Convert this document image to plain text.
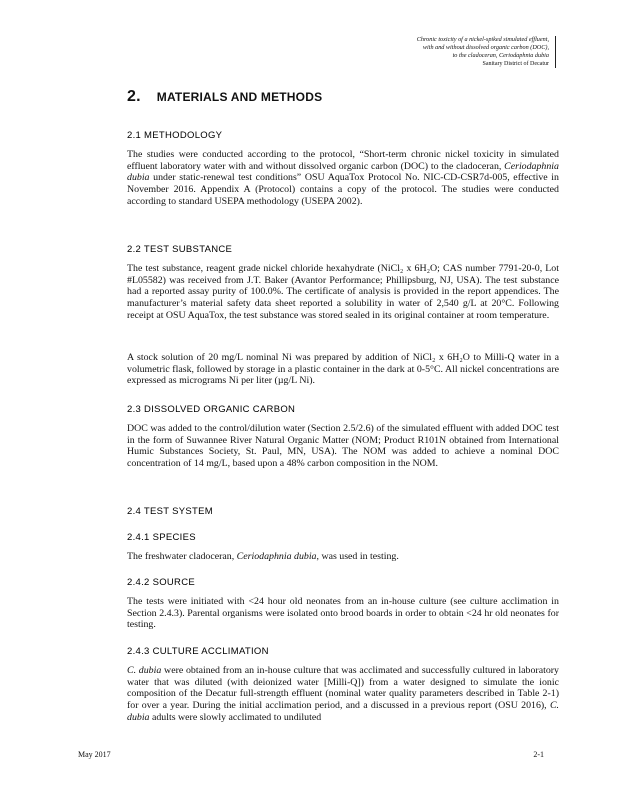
Chronic toxicity of a nickel-spiked simulated effluent,
with and without dissolved organic carbon (DOC),
to the cladoceran, Ceriodaphnia dubia
Sanitary District of Decatur
2. MATERIALS AND METHODS
2.1 METHODOLOGY
The studies were conducted according to the protocol, “Short-term chronic nickel toxicity in simulated effluent laboratory water with and without dissolved organic carbon (DOC) to the cladoceran, Ceriodaphnia dubia under static-renewal test conditions” OSU AquaTox Protocol No. NIC-CD-CSR7d-005, effective in November 2016. Appendix A (Protocol) contains a copy of the protocol. The studies were conducted according to standard USEPA methodology (USEPA 2002).
2.2 TEST SUBSTANCE
The test substance, reagent grade nickel chloride hexahydrate (NiCl₂ x 6H₂O; CAS number 7791-20-0, Lot #L05582) was received from J.T. Baker (Avantor Performance; Phillipsburg, NJ, USA). The test substance had a reported assay purity of 100.0%. The certificate of analysis is provided in the report appendices. The manufacturer’s material safety data sheet reported a solubility in water of 2,540 g/L at 20°C. Following receipt at OSU AquaTox, the test substance was stored sealed in its original container at room temperature.
A stock solution of 20 mg/L nominal Ni was prepared by addition of NiCl₂ x 6H₂O to Milli-Q water in a volumetric flask, followed by storage in a plastic container in the dark at 0-5°C. All nickel concentrations are expressed as micrograms Ni per liter (µg/L Ni).
2.3 DISSOLVED ORGANIC CARBON
DOC was added to the control/dilution water (Section 2.5/2.6) of the simulated effluent with added DOC test in the form of Suwannee River Natural Organic Matter (NOM; Product R101N obtained from International Humic Substances Society, St. Paul, MN, USA). The NOM was added to achieve a nominal DOC concentration of 14 mg/L, based upon a 48% carbon composition in the NOM.
2.4 TEST SYSTEM
2.4.1 SPECIES
The freshwater cladoceran, Ceriodaphnia dubia, was used in testing.
2.4.2 SOURCE
The tests were initiated with <24 hour old neonates from an in-house culture (see culture acclimation in Section 2.4.3). Parental organisms were isolated onto brood boards in order to obtain <24 hr old neonates for testing.
2.4.3 CULTURE ACCLIMATION
C. dubia were obtained from an in-house culture that was acclimated and successfully cultured in laboratory water that was diluted (with deionized water [Milli-Q]) from a water designed to simulate the ionic composition of the Decatur full-strength effluent (nominal water quality parameters described in Table 2-1) for over a year. During the initial acclimation period, and a discussed in a previous report (OSU 2016), C. dubia adults were slowly acclimated to undiluted
May 2017	2-1
